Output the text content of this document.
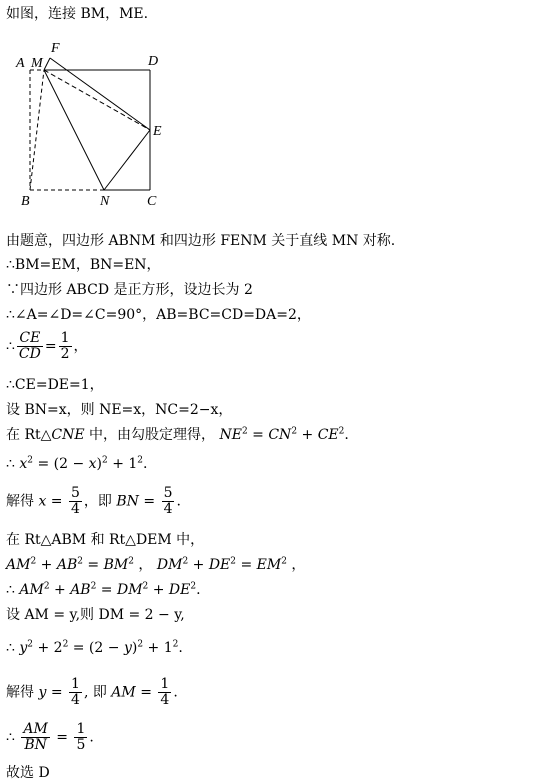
如图，连接 BM，ME.
A M
F
D
E
B	N	C
由题意，四边形 ABNM 和四边形 FENM 关于直线 MN 对称.
∴BM=EM，BN=EN，
∵四边形 ABCD 是正方形，设边长为 2
∴∠A=∠D=∠C=90°，AB=BC=CD=DA=2，
∴ $\frac{CE}{CD} = \frac{1}{2}$ ，
∴CE=DE=1，
设 BN=x，则 NE=x，NC=2−x，
在 Rt△CNE 中，由勾股定理得， $NE^2 = CN^2 + CE^2$.
∴ $x^2 = (2 - x)^2 + 1^2$.
解得 $x = \frac{5}{4}$ ，即 BN = $\frac{5}{4}$ .
在 Rt△ABM 和 Rt△DEM 中，
$AM^2 + AB^2 = BM^2$ ， $DM^2 + DE^2 = EM^2$ ，
∴ $AM^2 + AB^2 = DM^2 + DE^2$.
设 AM = y,则 DM = 2 − y,
∴ $y^2 + 2^2 = (2 - y)^2 + 1^2$.
解得 $y = \frac{1}{4}$ , 即 AM = $\frac{1}{4}$ .
∴ $\frac{AM}{BN} = \frac{1}{5}$ .
故选 D
